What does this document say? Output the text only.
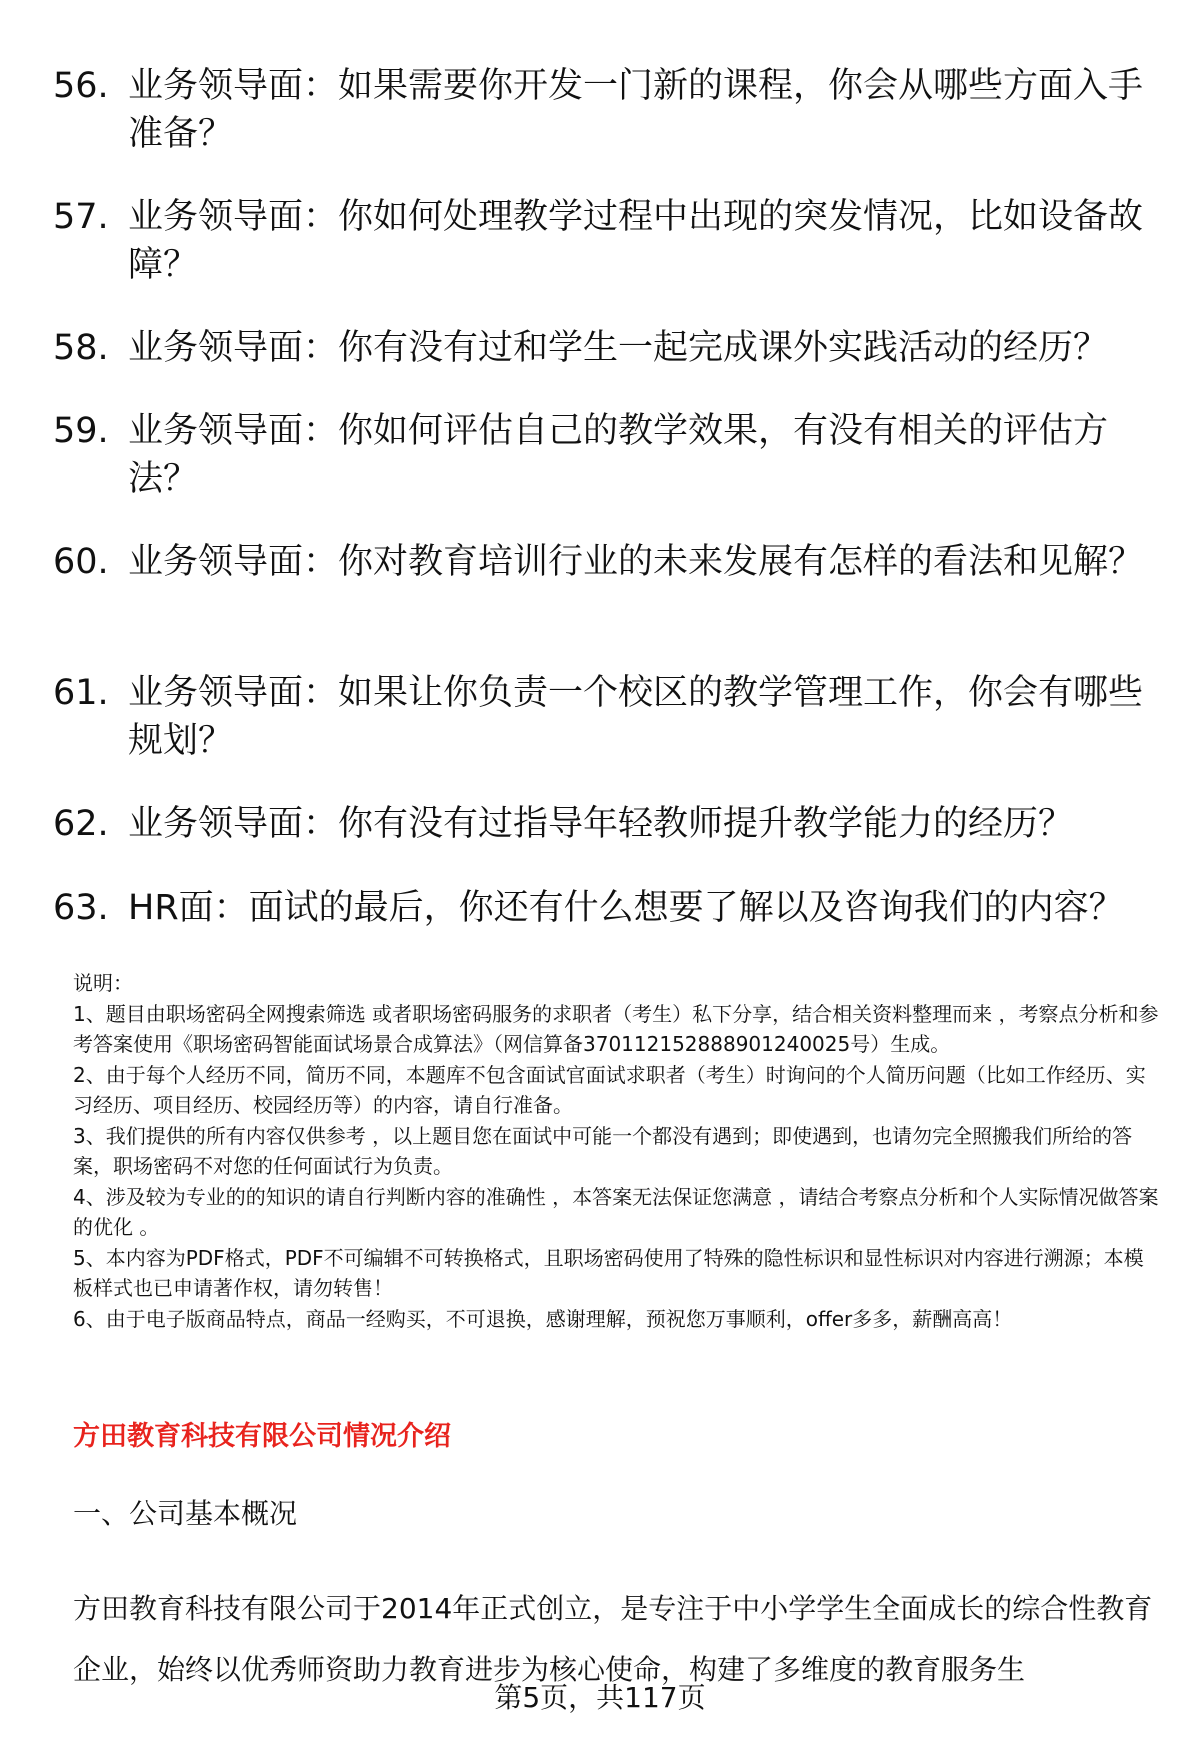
56. 业务领导面：如果需要你开发一门新的课程，你会从哪些方面入手准备？
57. 业务领导面：你如何处理教学过程中出现的突发情况，比如设备故障？
58. 业务领导面：你有没有过和学生一起完成课外实践活动的经历？
59. 业务领导面：你如何评估自己的教学效果，有没有相关的评估方法？
60. 业务领导面：你对教育培训行业的未来发展有怎样的看法和见解？
61. 业务领导面：如果让你负责一个校区的教学管理工作，你会有哪些规划？
62. 业务领导面：你有没有过指导年轻教师提升教学能力的经历？
63. HR面：面试的最后，你还有什么想要了解以及咨询我们的内容？
说明：
1、题目由职场密码全网搜索筛选 或者职场密码服务的求职者（考生）私下分享，结合相关资料整理而来 ，考察点分析和参考答案使用《职场密码智能面试场景合成算法》（网信算备370112152888901240025号）生成。
2、由于每个人经历不同，简历不同，本题库不包含面试官面试求职者（考生）时询问的个人简历问题（比如工作经历、实习经历、项目经历、校园经历等）的内容，请自行准备。
3、我们提供的所有内容仅供参考 ，以上题目您在面试中可能一个都没有遇到；即使遇到，也请勿完全照搬我们所给的答案，职场密码不对您的任何面试行为负责。
4、涉及较为专业的的知识的请自行判断内容的准确性 ，本答案无法保证您满意 ，请结合考察点分析和个人实际情况做答案的优化 。
5、本内容为PDF格式，PDF不可编辑不可转换格式，且职场密码使用了特殊的隐性标识和显性标识对内容进行溯源；本模板样式也已申请著作权，请勿转售！
6、由于电子版商品特点，商品一经购买，不可退换，感谢理解，预祝您万事顺利，offer多多，薪酬高高！
方田教育科技有限公司情况介绍
一、公司基本概况
方田教育科技有限公司于2014年正式创立，是专注于中小学学生全面成长的综合性教育企业，始终以优秀师资助力教育进步为核心使命，构建了多维度的教育服务生
第5页，共117页
